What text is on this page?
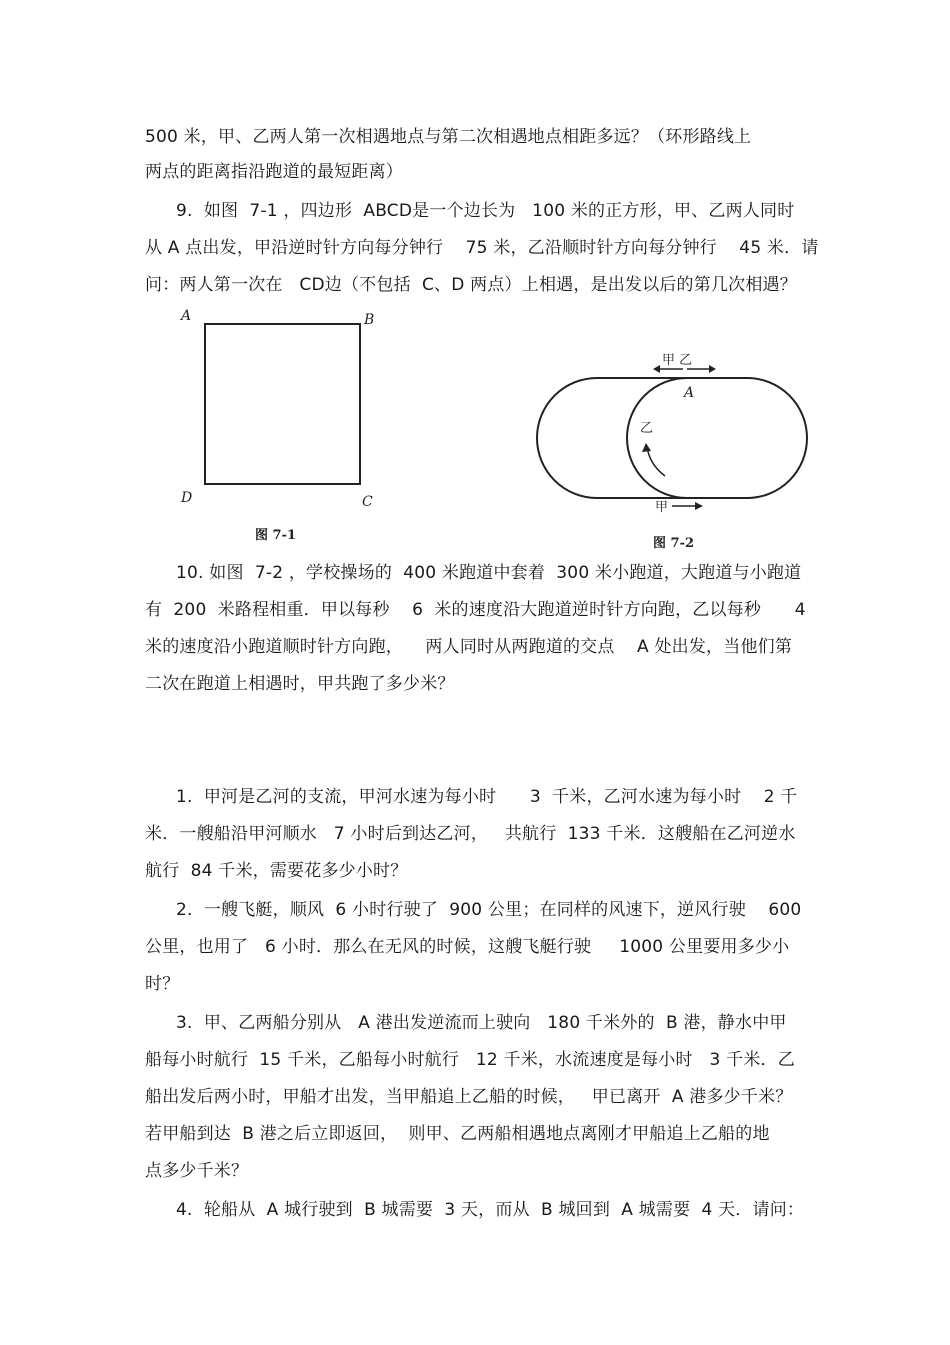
500 米，甲、乙两人第一次相遇地点与第二次相遇地点相距多远？（环形路线上
两点的距离指沿跑道的最短距离）
9.  如图  7-1 ，四边形  ABCD是一个边长为   100 米的正方形，甲、乙两人同时
从 A 点出发，甲沿逆时针方向每分钟行    75 米，乙沿顺时针方向每分钟行    45 米．请
问：两人第一次在   CD边（不包括  C、D 两点）上相遇，是出发以后的第几次相遇？
A	B
D	C
图 7-1
A
甲 乙
乙
甲
图 7-2
10. 如图  7-2 ，学校操场的  400 米跑道中套着  300 米小跑道，大跑道与小跑道
有  200  米路程相重．甲以每秒    6  米的速度沿大跑道逆时针方向跑，乙以每秒      4
米的速度沿小跑道顺时针方向跑，    两人同时从两跑道的交点    A 处出发，当他们第
二次在跑道上相遇时，甲共跑了多少米？
1.  甲河是乙河的支流，甲河水速为每小时      3  千米，乙河水速为每小时    2 千
米．一艘船沿甲河顺水   7 小时后到达乙河，   共航行  133 千米．这艘船在乙河逆水
航行  84 千米，需要花多少小时？
2.  一艘飞艇，顺风  6 小时行驶了  900 公里；在同样的风速下，逆风行驶    600
公里，也用了   6 小时．那么在无风的时候，这艘飞艇行驶     1000 公里要用多少小
时？
3.  甲、乙两船分别从   A 港出发逆流而上驶向   180 千米外的  B 港，静水中甲
船每小时航行  15 千米，乙船每小时航行   12 千米，水流速度是每小时   3 千米．乙
船出发后两小时，甲船才出发，当甲船追上乙船的时候，   甲已离开  A 港多少千米？
若甲船到达  B 港之后立即返回，  则甲、乙两船相遇地点离刚才甲船追上乙船的地
点多少千米？
4.  轮船从  A 城行驶到  B 城需要  3 天，而从  B 城回到  A 城需要  4 天．请问：
